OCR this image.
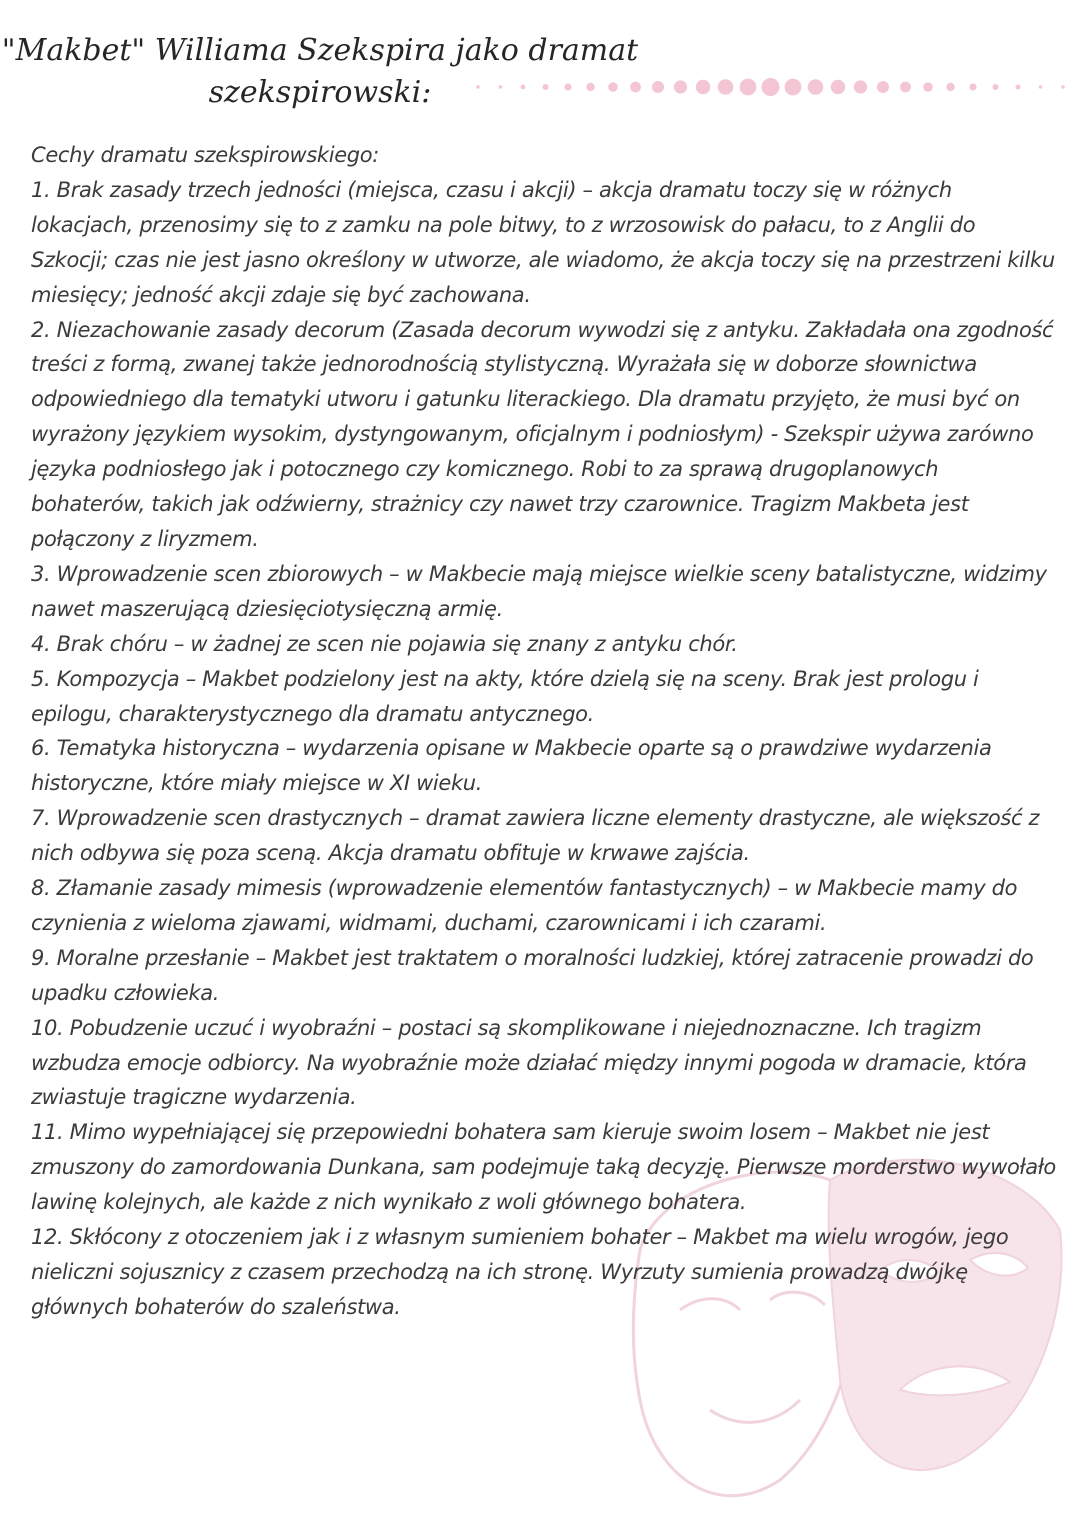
"Makbet" Williama Szekspira jako dramat
szekspirowski:

Cechy dramatu szekspirowskiego:

1. Brak zasady trzech jedności (miejsca, czasu i akcji) – akcja dramatu toczy się w różnych lokacjach, przenosimy się to z zamku na pole bitwy, to z wrzosowisk do pałacu, to z Anglii do Szkocji; czas nie jest jasno określony w utworze, ale wiadomo, że akcja toczy się na przestrzeni kilku miesięcy; jedność akcji zdaje się być zachowana.

2. Niezachowanie zasady decorum (Zasada decorum wywodzi się z antyku. Zakładała ona zgodność treści z formą, zwanej także jednorodnością stylistyczną. Wyrażała się w doborze słownictwa odpowiedniego dla tematyki utworu i gatunku literackiego. Dla dramatu przyjęto, że musi być on wyrażony językiem wysokim, dystyngowanym, oficjalnym i podniosłym) - Szekspir używa zarówno języka podniosłego jak i potocznego czy komicznego. Robi to za sprawą drugoplanowych bohaterów, takich jak odźwierny, strażnicy czy nawet trzy czarownice. Tragizm Makbeta jest połączony z liryzmem.

3. Wprowadzenie scen zbiorowych – w Makbecie mają miejsce wielkie sceny batalistyczne, widzimy nawet maszerującą dziesięciotysięczną armię.

4. Brak chóru – w żadnej ze scen nie pojawia się znany z antyku chór.

5. Kompozycja – Makbet podzielony jest na akty, które dzielą się na sceny. Brak jest prologu i epilogu, charakterystycznego dla dramatu antycznego.

6. Tematyka historyczna – wydarzenia opisane w Makbecie oparte są o prawdziwe wydarzenia historyczne, które miały miejsce w XI wieku.

7. Wprowadzenie scen drastycznych – dramat zawiera liczne elementy drastyczne, ale większość z nich odbywa się poza sceną. Akcja dramatu obfituje w krwawe zajścia.

8. Złamanie zasady mimesis (wprowadzenie elementów fantastycznych) – w Makbecie mamy do czynienia z wieloma zjawami, widmami, duchami, czarownicami i ich czarami.

9. Moralne przesłanie – Makbet jest traktatem o moralności ludzkiej, której zatracenie prowadzi do upadku człowieka.

10. Pobudzenie uczuć i wyobraźni – postaci są skomplikowane i niejednoznaczne. Ich tragizm wzbudza emocje odbiorcy. Na wyobraźnie może działać między innymi pogoda w dramacie, która zwiastuje tragiczne wydarzenia.

11. Mimo wypełniającej się przepowiedni bohatera sam kieruje swoim losem – Makbet nie jest zmuszony do zamordowania Dunkana, sam podejmuje taką decyzję. Pierwsze morderstwo wywołało lawinę kolejnych, ale każde z nich wynikało z woli głównego bohatera.

12. Skłócony z otoczeniem jak i z własnym sumieniem bohater – Makbet ma wielu wrogów, jego nieliczni sojusznicy z czasem przechodzą na ich stronę. Wyrzuty sumienia prowadzą dwójkę głównych bohaterów do szaleństwa.
